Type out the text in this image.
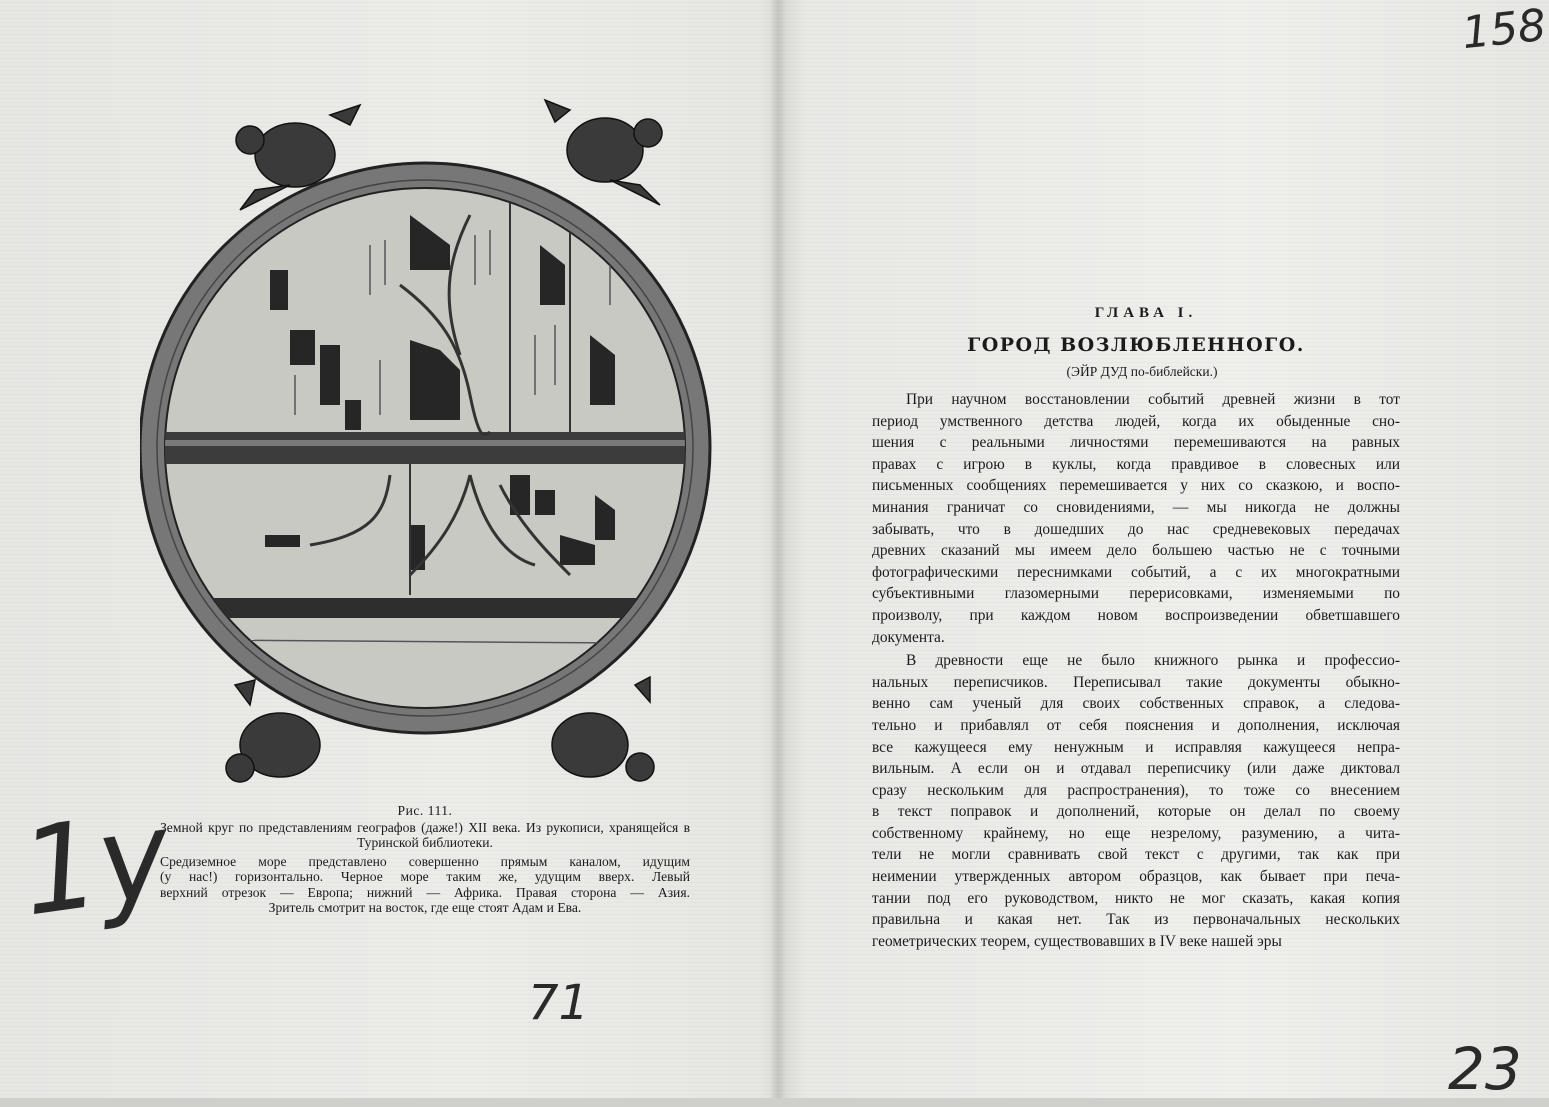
Рис. 111.
Земной круг по представлениям географов (даже!) XII века. Из рукописи, хранящейся в Туринской библиотеки.
Средиземное море представлено совершенно прямым каналом, идущим
(у нас!) горизонтально. Черное море таким же, удущим вверх. Левый
верхний отрезок — Европа; нижний — Африка. Правая сторона — Азия.
Зритель смотрит на восток, где еще стоят Адам и Ева.
158
1y
71
23
ГЛАВА I.
ГОРОД ВОЗЛЮБЛЕННОГО.
(ЭЙР ДУД по-библейски.)
При научном восстановлении событий древней жизни в тот
период умственного детства людей, когда их обыденные сно-
шения с реальными личностями перемешиваются на равных
правах с игрою в куклы, когда правдивое в словесных или
письменных сообщениях перемешивается у них со сказкою, и воспо-
минания граничат со сновидениями, — мы никогда не должны
забывать, что в дошедших до нас средневековых передачах
древних сказаний мы имеем дело большею частью не с точными
фотографическими переснимками событий, а с их многократными
субъективными глазомерными перерисовками, изменяемыми по
произволу, при каждом новом воспроизведении обветшавшего
документа.
В древности еще не было книжного рынка и профессио-
нальных переписчиков. Переписывал такие документы обыкно-
венно сам ученый для своих собственных справок, а следова-
тельно и прибавлял от себя пояснения и дополнения, исключая
все кажущееся ему ненужным и исправляя кажущееся непра-
вильным. А если он и отдавал переписчику (или даже диктовал
сразу нескольким для распространения), то тоже со внесением
в текст поправок и дополнений, которые он делал по своему
собственному крайнему, но еще незрелому, разумению, а чита-
тели не могли сравнивать свой текст с другими, так как при
неимении утвержденных автором образцов, как бывает при печа-
тании под его руководством, никто не мог сказать, какая копия
правильна и какая нет. Так из первоначальных нескольких
геометрических теорем, существовавших в IV веке нашей эры
